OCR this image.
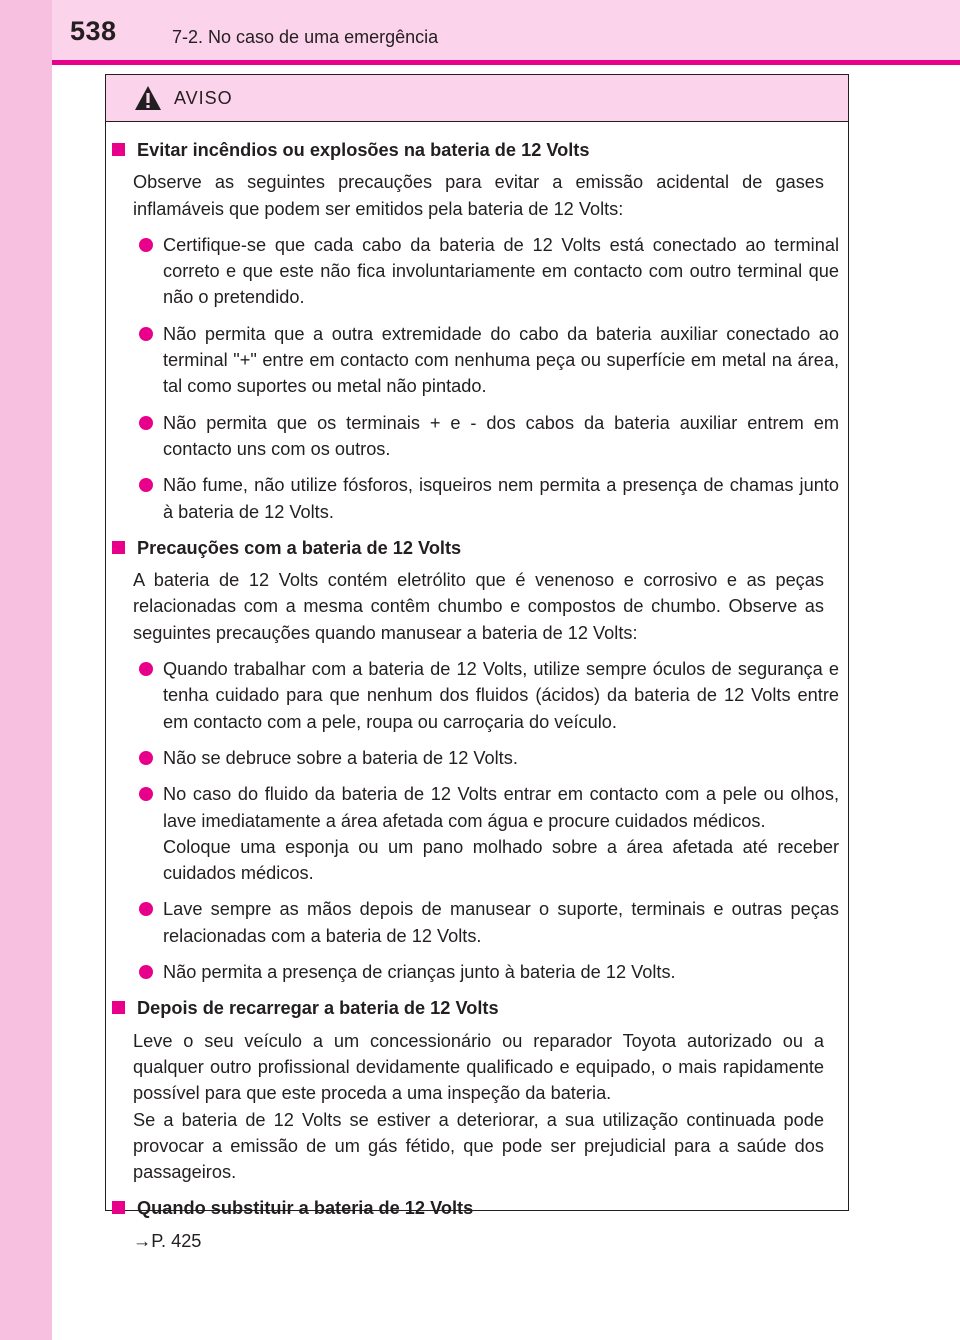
538	7-2. No caso de uma emergência
AVISO
Evitar incêndios ou explosões na bateria de 12 Volts
Observe as seguintes precauções para evitar a emissão acidental de gases inflamáveis que podem ser emitidos pela bateria de 12 Volts:
Certifique-se que cada cabo da bateria de 12 Volts está conectado ao terminal correto e que este não fica involuntariamente em contacto com outro terminal que não o pretendido.
Não permita que a outra extremidade do cabo da bateria auxiliar conectado ao terminal "+" entre em contacto com nenhuma peça ou superfície em metal na área, tal como suportes ou metal não pintado.
Não permita que os terminais + e - dos cabos da bateria auxiliar entrem em contacto uns com os outros.
Não fume, não utilize fósforos, isqueiros nem permita a presença de chamas junto à bateria de 12 Volts.
Precauções com a bateria de 12 Volts
A bateria de 12 Volts contém eletrólito que é venenoso e corrosivo e as peças relacionadas com a mesma contêm chumbo e compostos de chumbo. Observe as seguintes precauções quando manusear a bateria de 12 Volts:
Quando trabalhar com a bateria de 12 Volts, utilize sempre óculos de segurança e tenha cuidado para que nenhum dos fluidos (ácidos) da bateria de 12 Volts entre em contacto com a pele, roupa ou carroçaria do veículo.
Não se debruce sobre a bateria de 12 Volts.
No caso do fluido da bateria de 12 Volts entrar em contacto com a pele ou olhos, lave imediatamente a área afetada com água e procure cuidados médicos.
Coloque uma esponja ou um pano molhado sobre a área afetada até receber cuidados médicos.
Lave sempre as mãos depois de manusear o suporte, terminais e outras peças relacionadas com a bateria de 12 Volts.
Não permita a presença de crianças junto à bateria de 12 Volts.
Depois de recarregar a bateria de 12 Volts
Leve o seu veículo a um concessionário ou reparador Toyota autorizado ou a qualquer outro profissional devidamente qualificado e equipado, o mais rapidamente possível para que este proceda a uma inspeção da bateria.
Se a bateria de 12 Volts se estiver a deteriorar, a sua utilização continuada pode provocar a emissão de um gás fétido, que pode ser prejudicial para a saúde dos passageiros.
Quando substituir a bateria de 12 Volts
→P. 425
